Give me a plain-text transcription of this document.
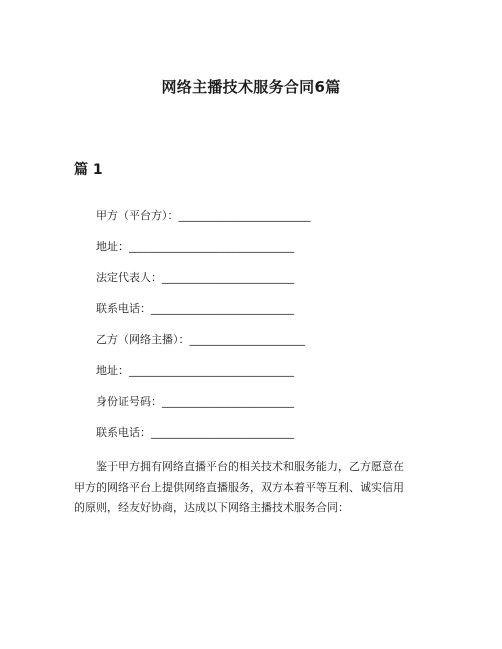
网络主播技术服务合同6篇
篇 1
甲方（平台方）：________________________
地址：______________________________
法定代表人：________________________
联系电话：__________________________
乙方（网络主播）：_____________________
地址：______________________________
身份证号码：________________________
联系电话：__________________________

鉴于甲方拥有网络直播平台的相关技术和服务能力，乙方愿意在
甲方的网络平台上提供网络直播服务，双方本着平等互利、诚实信用
的原则，经友好协商，达成以下网络主播技术服务合同：
